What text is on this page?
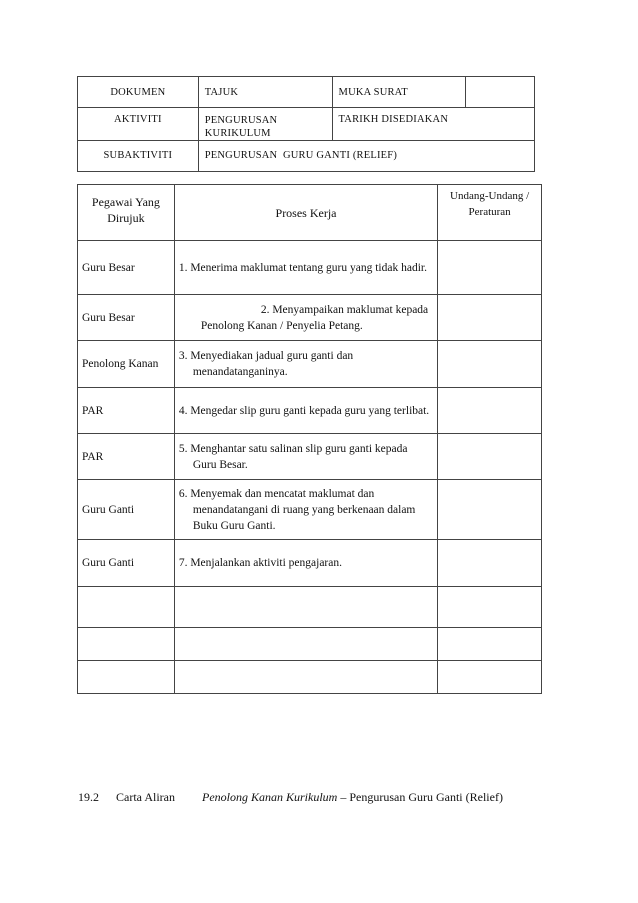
DOKUMEN	TAJUK	MUKA SURAT	
AKTIVITI	PENGURUSAN KURIKULUM	TARIKH DISEDIAKAN	
SUBAKTIVITI	PENGURUSAN  GURU GANTI (RELIEF)		
Pegawai Yang Dirujuk	Proses Kerja	Undang-Undang / Peraturan
Guru Besar	1. Menerima maklumat tentang guru yang tidak hadir.	

Guru Besar	2. Menyampaikan maklumat kepada Penolong Kanan / Penyelia Petang.	

Penolong Kanan	3. Menyediakan jadual guru ganti dan menandatanganinya.	

PAR	4. Mengedar slip guru ganti kepada guru yang terlibat.	

PAR	5. Menghantar satu salinan slip guru ganti kepada Guru Besar.	

Guru Ganti	6. Menyemak dan mencatat maklumat dan menandatangani di ruang yang berkenaan dalam Buku Guru Ganti.	

Guru Ganti	7. Menjalankan aktiviti pengajaran.	

19.2 Carta Aliran Penolong Kanan Kurikulum – Pengurusan Guru Ganti (Relief)
